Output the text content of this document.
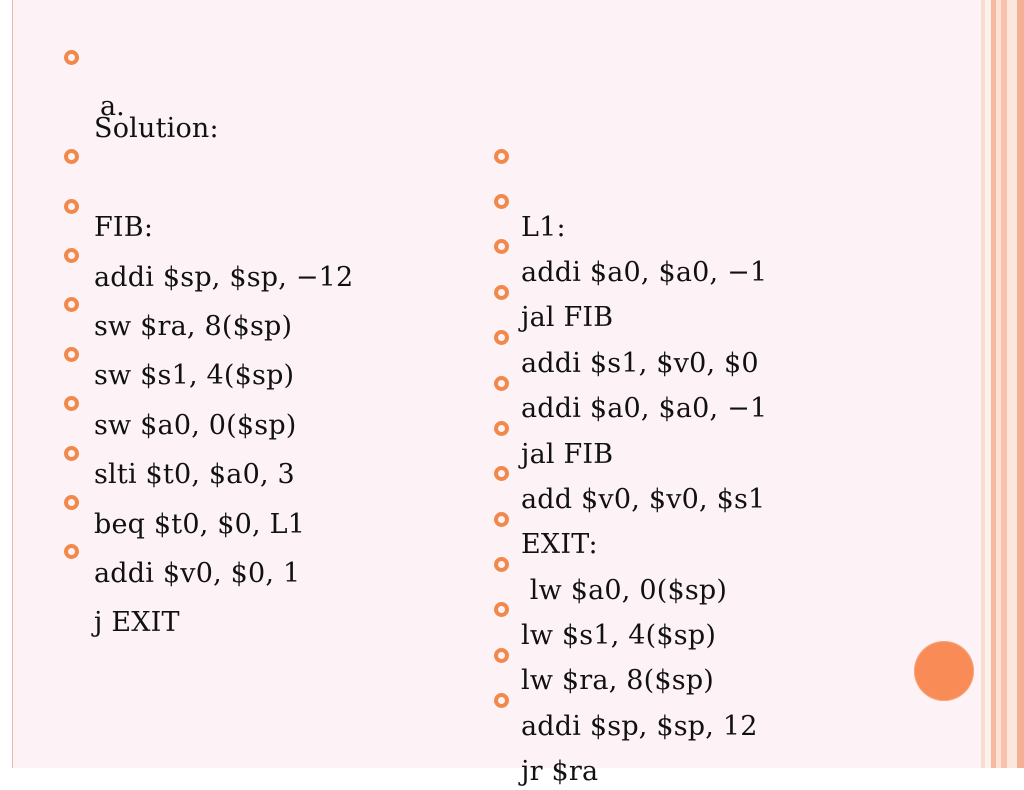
Solution:

a.

FIB:

addi $sp, $sp, −12

sw $ra, 8($sp)

sw $s1, 4($sp)

sw $a0, 0($sp)

slti $t0, $a0, 3

beq $t0, $0, L1

addi $v0, $0, 1

j EXIT

L1:

addi $a0, $a0, −1

jal FIB

addi $s1, $v0, $0

addi $a0, $a0, −1

jal FIB

add $v0, $v0, $s1

EXIT:

lw $a0, 0($sp)

lw $s1, 4($sp)

lw $ra, 8($sp)

addi $sp, $sp, 12

jr $ra
